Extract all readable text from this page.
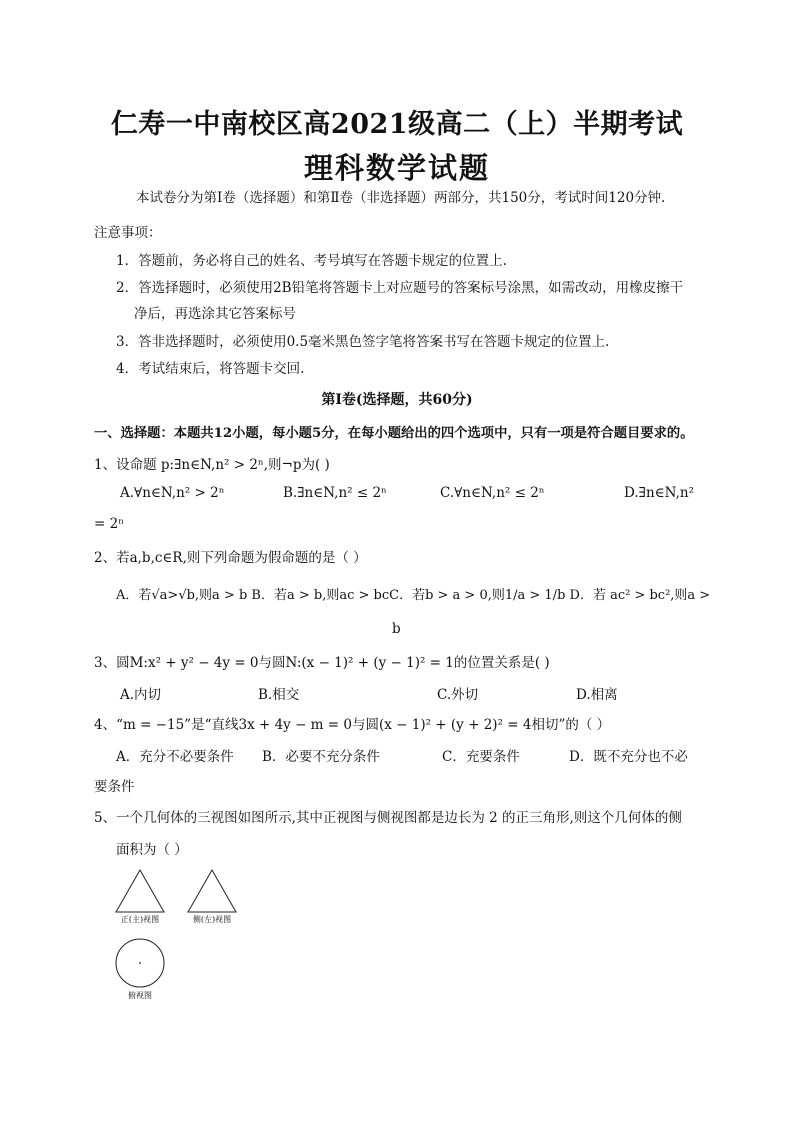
仁寿一中南校区高2021级高二（上）半期考试
理科数学试题
本试卷分为第Ⅰ卷（选择题）和第Ⅱ卷（非选择题）两部分，共150分，考试时间120分钟.
注意事项：
1．答题前，务必将自己的姓名、考号填写在答题卡规定的位置上.
2．答选择题时，必须使用2B铅笔将答题卡上对应题号的答案标号涂黑，如需改动，用橡皮擦干
净后，再选涂其它答案标号
3．答非选择题时，必须使用0.5毫米黑色签字笔将答案书写在答题卡规定的位置上.
4．考试结束后，将答题卡交回.
第Ⅰ卷(选择题，共60分)
一、选择题：本题共12小题，每小题5分，在每小题给出的四个选项中，只有一项是符合题目要求的。
1、设命题 p:∃n∈N,n² > 2ⁿ,则¬p为( )
A.∀n∈N,n² > 2ⁿ	B.∃n∈N,n² ≤ 2ⁿ	C.∀n∈N,n² ≤ 2ⁿ	D.∃n∈N,n²
= 2ⁿ
2、若a,b,c∈R,则下列命题为假命题的是（ ）
A．若√a>√b,则a > b B．若a > b,则ac > bcC．若b > a > 0,则1/a > 1/b D．若 ac² > bc²,则a >
b
3、圆M:x² + y² − 4y = 0与圆N:(x − 1)² + (y − 1)² = 1的位置关系是( )
A.内切	B.相交	C.外切	D.相离
4、“m = −15”是“直线3x + 4y − m = 0与圆(x − 1)² + (y + 2)² = 4相切”的（ ）
A．充分不必要条件 B．必要不充分条件	C．充要条件	D．既不充分也不必
要条件
5、一个几何体的三视图如图所示,其中正视图与侧视图都是边长为 2 的正三角形,则这个几何体的侧
面积为（ ）
正(主)视图	侧(左)视图
俯视图
